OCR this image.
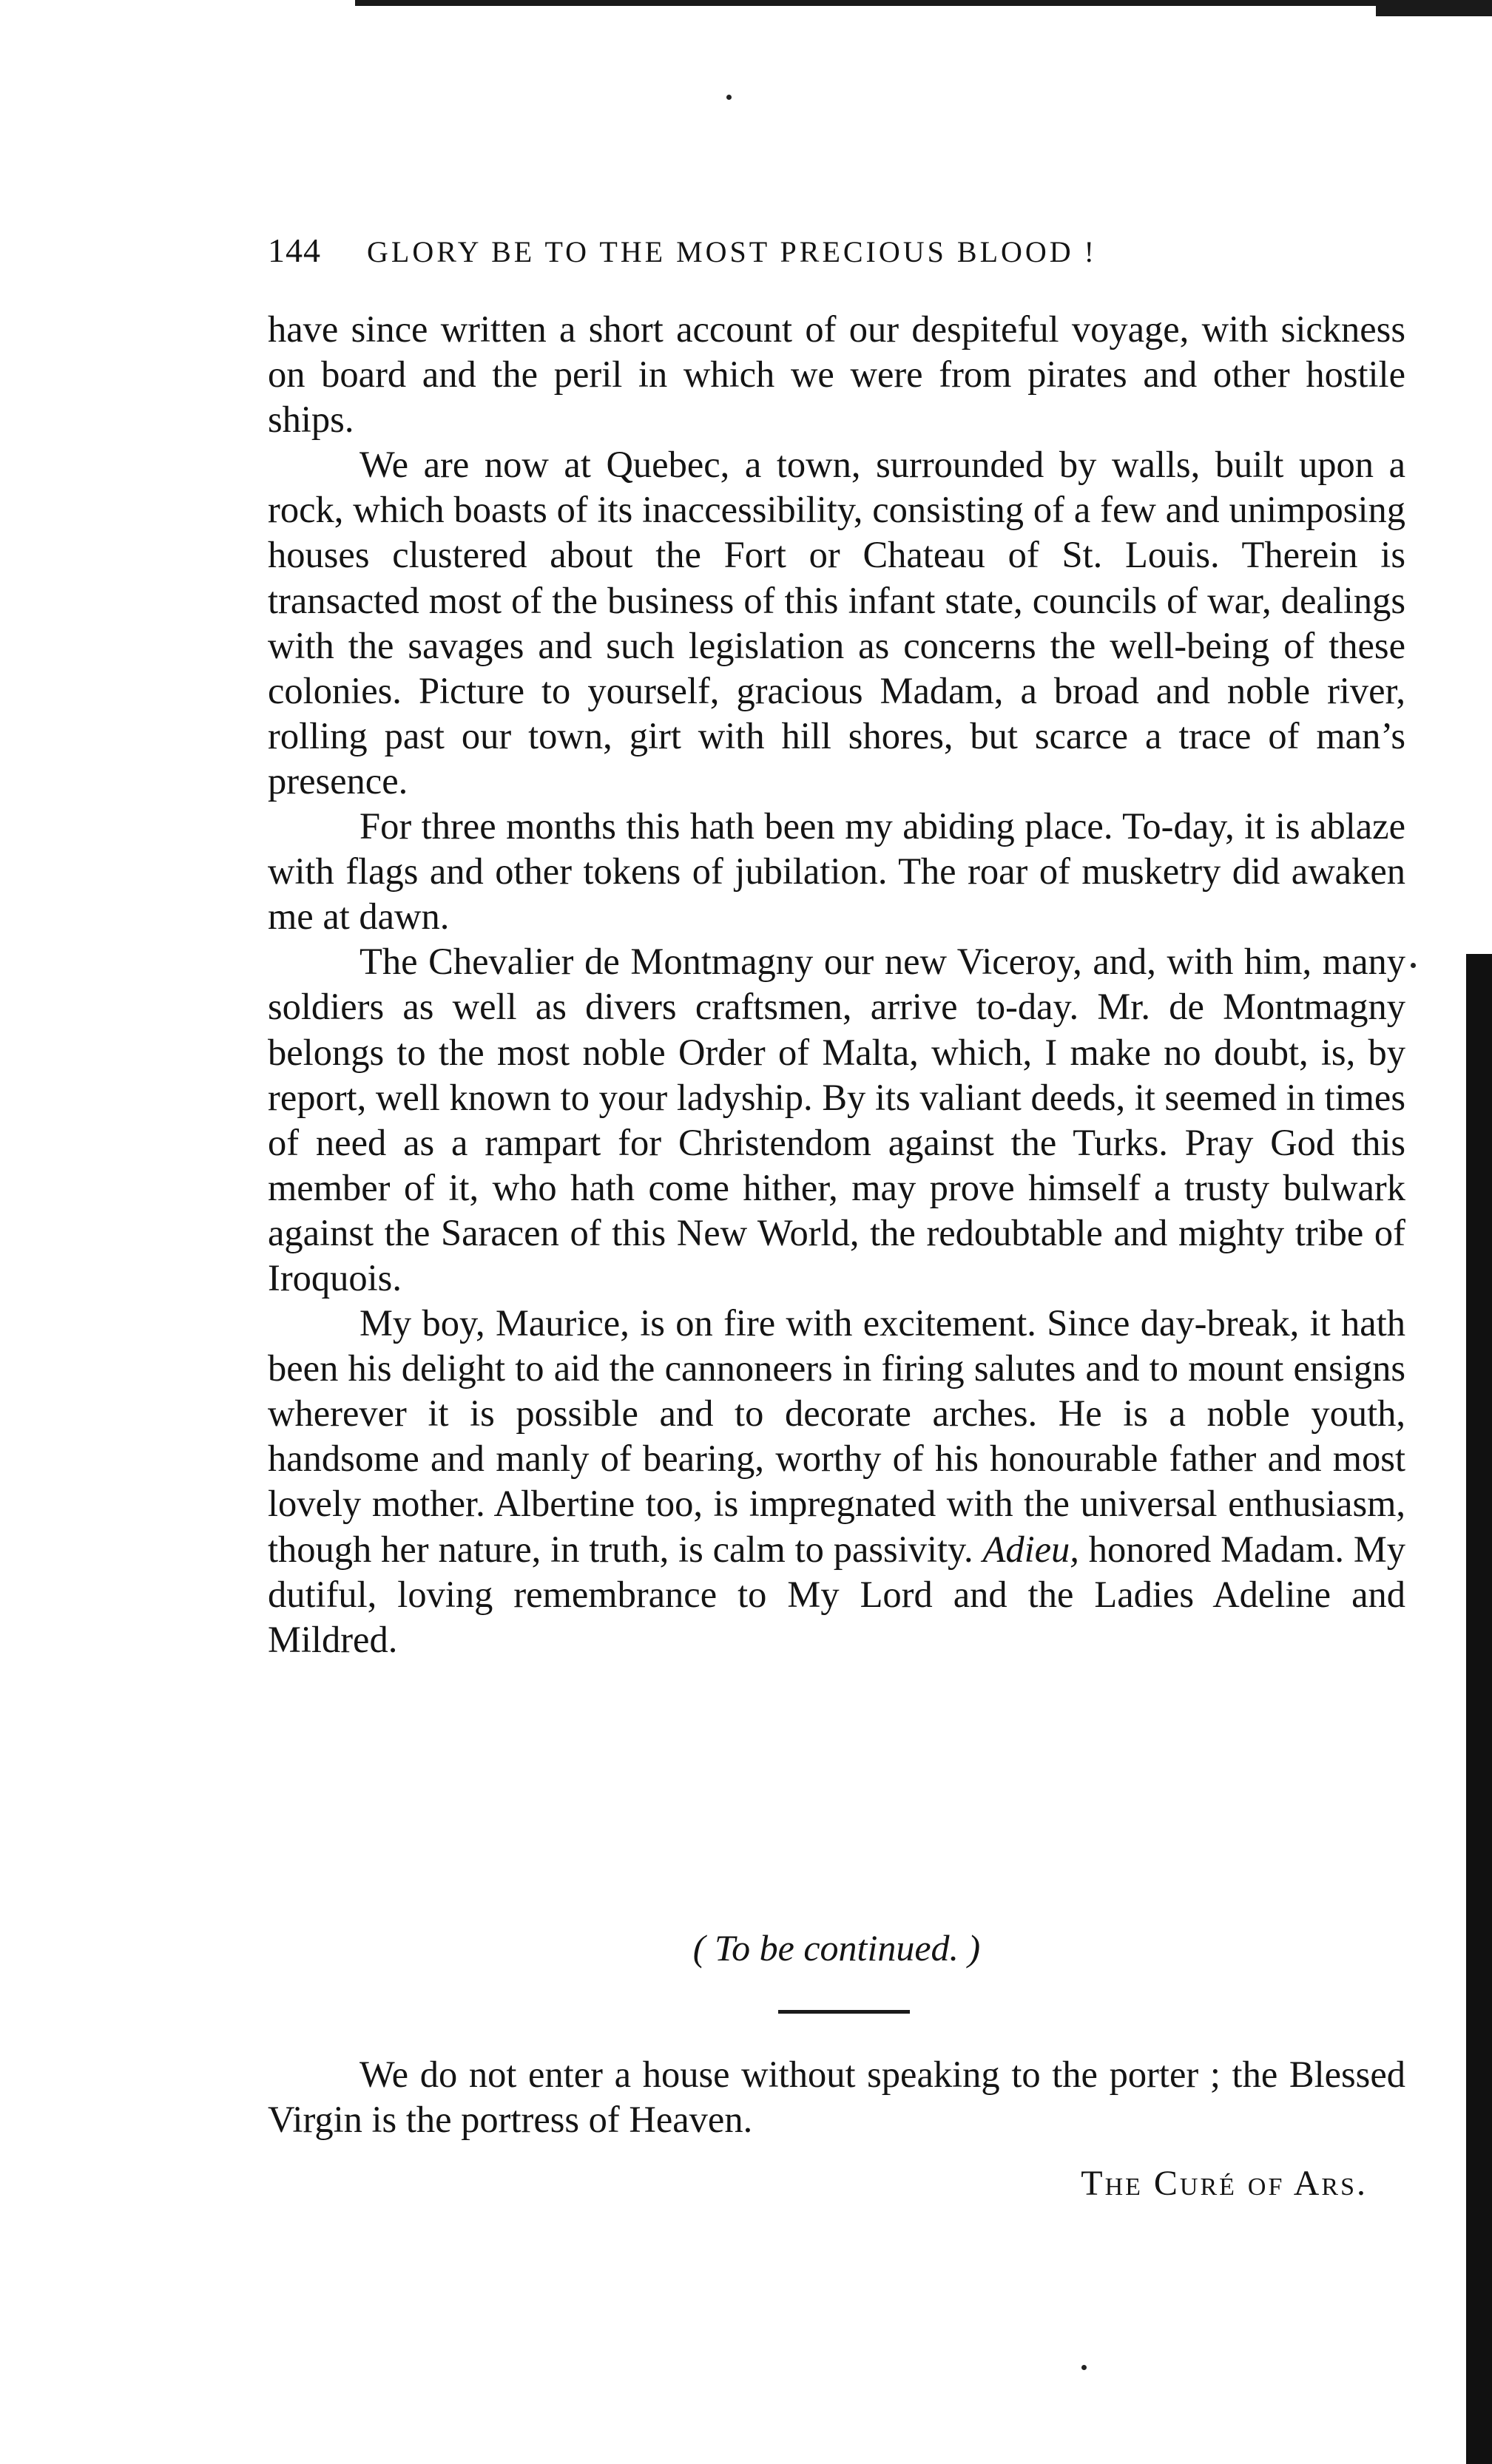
144 GLORY BE TO THE MOST PRECIOUS BLOOD !

have since written a short account of our despiteful voyage, with sickness on board and the peril in which we were from pirates and other hostile ships.

We are now at Quebec, a town, surrounded by walls, built upon a rock, which boasts of its inaccessibility, consisting of a few and unimposing houses clustered about the Fort or Chateau of St. Louis. Therein is transacted most of the business of this infant state, councils of war, dealings with the savages and such legislation as concerns the well-being of these colonies. Picture to yourself, gracious Madam, a broad and noble river, rolling past our town, girt with hill shores, but scarce a trace of man’s presence.

For three months this hath been my abiding place. To-day, it is ablaze with flags and other tokens of jubilation. The roar of musketry did awaken me at dawn.

The Chevalier de Montmagny our new Viceroy, and, with him, many soldiers as well as divers craftsmen, arrive to-day. Mr. de Montmagny belongs to the most noble Order of Malta, which, I make no doubt, is, by report, well known to your ladyship. By its valiant deeds, it seemed in times of need as a rampart for Christendom against the Turks. Pray God this member of it, who hath come hither, may prove himself a trusty bulwark against the Saracen of this New World, the redoubtable and mighty tribe of Iroquois.

My boy, Maurice, is on fire with excitement. Since day-break, it hath been his delight to aid the cannoneers in firing salutes and to mount ensigns wherever it is possible and to decorate arches. He is a noble youth, handsome and manly of bearing, worthy of his honourable father and most lovely mother. Albertine too, is impregnated with the universal enthusiasm, though her nature, in truth, is calm to passivity. Adieu, honored Madam. My dutiful, loving remembrance to My Lord and the Ladies Adeline and Mildred.

( To be continued. )

We do not enter a house without speaking to the porter ; the Blessed Virgin is the portress of Heaven.

The Curé of Ars.
